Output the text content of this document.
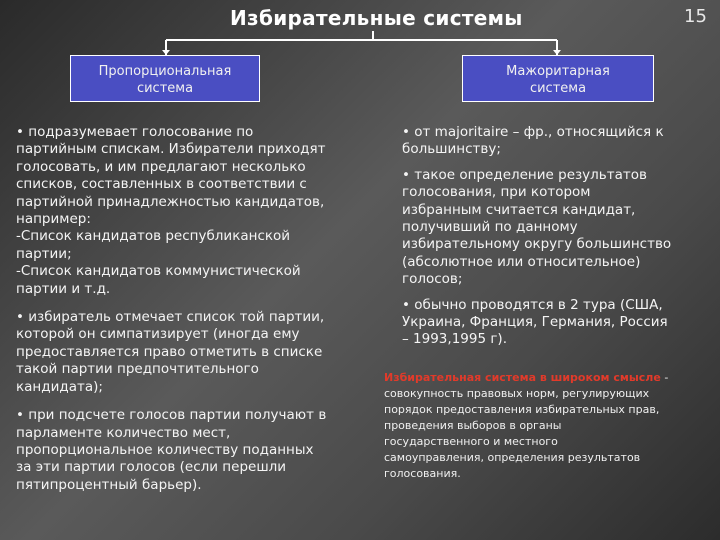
Избирательные системы	15
Пропорциональная
система
Мажоритарная
система

• подразумевает голосование по
партийным спискам. Избиратели приходят
голосовать, и им предлагают несколько
списков, составленных в соответствии с
партийной принадлежностью кандидатов,
например:
-Список кандидатов республиканской
партии;
-Список кандидатов коммунистической
партии и т.д.

• избиратель отмечает список той партии,
которой он симпатизирует (иногда ему
предоставляется право отметить в списке
такой партии предпочтительного
кандидата);

• при подсчете голосов партии получают в
парламенте количество мест,
пропорциональное количеству поданных
за эти партии голосов (если перешли
пятипроцентный барьер).

• от majoritaire – фр., относящийся к
большинству;

• такое определение результатов
голосования, при котором
избранным считается кандидат,
получивший по данному
избирательному округу большинство
(абсолютное или относительное)
голосов;

• обычно проводятся в 2 тура (США,
Украина, Франция, Германия, Россия
– 1993,1995 г).

Избирательная система в широком смысле -
совокупность правовых норм, регулирующих
порядок предоставления избирательных прав,
проведения выборов в органы
государственного и местного
самоуправления, определения результатов
голосования.
